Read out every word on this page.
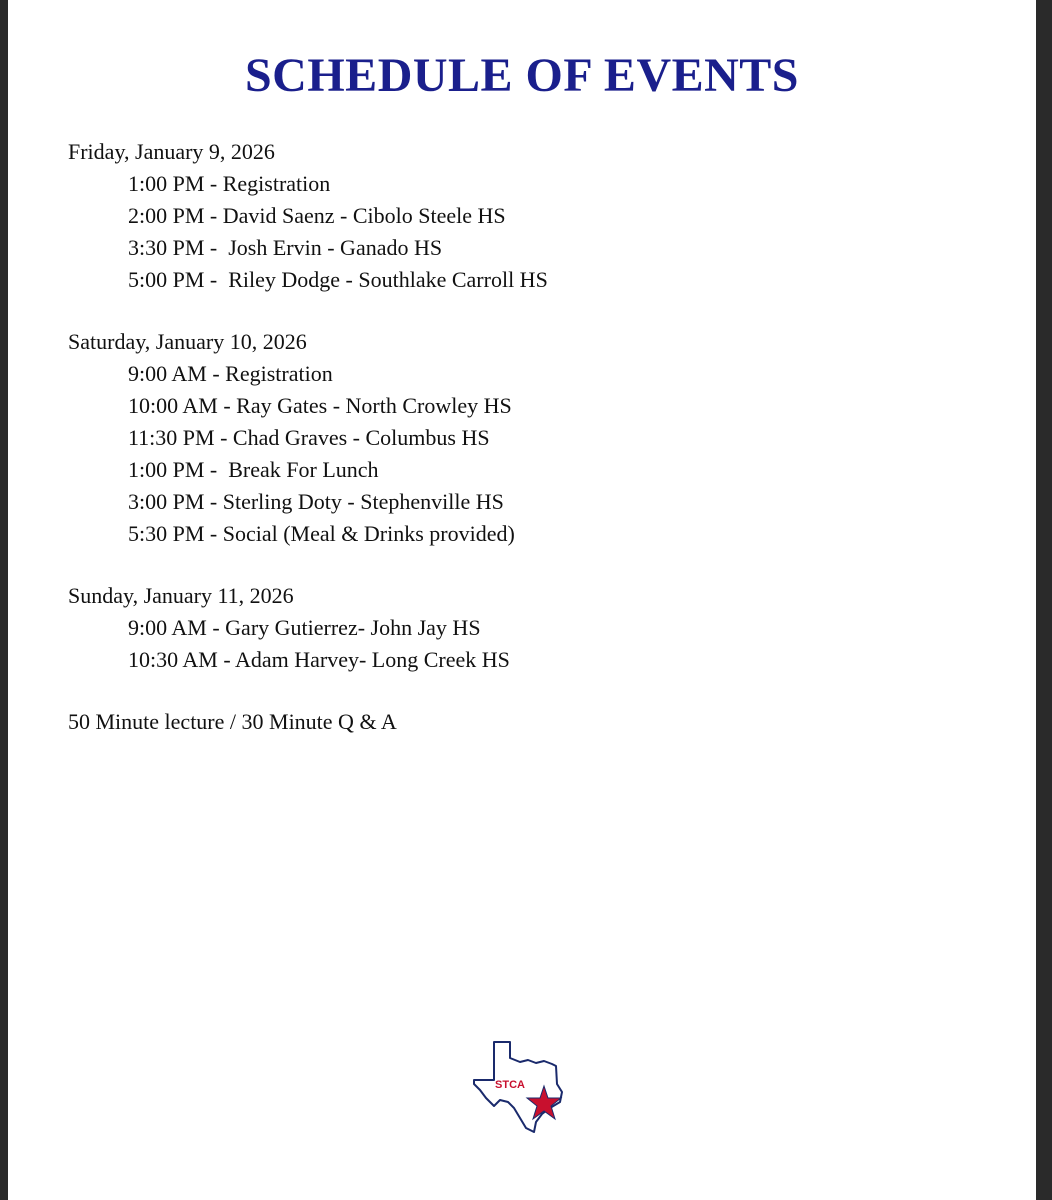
SCHEDULE OF EVENTS

Friday, January 9, 2026

1:00 PM - Registration

2:00 PM - David Saenz - Cibolo Steele HS

3:30 PM -  Josh Ervin - Ganado HS

5:00 PM -  Riley Dodge - Southlake Carroll HS

Saturday, January 10, 2026

9:00 AM - Registration

10:00 AM - Ray Gates - North Crowley HS

11:30 PM - Chad Graves - Columbus HS

1:00 PM -  Break For Lunch

3:00 PM - Sterling Doty - Stephenville HS

5:30 PM - Social (Meal & Drinks provided)

Sunday, January 11, 2026

9:00 AM - Gary Gutierrez- John Jay HS

10:30 AM - Adam Harvey- Long Creek HS

50 Minute lecture / 30 Minute Q & A

STCA
